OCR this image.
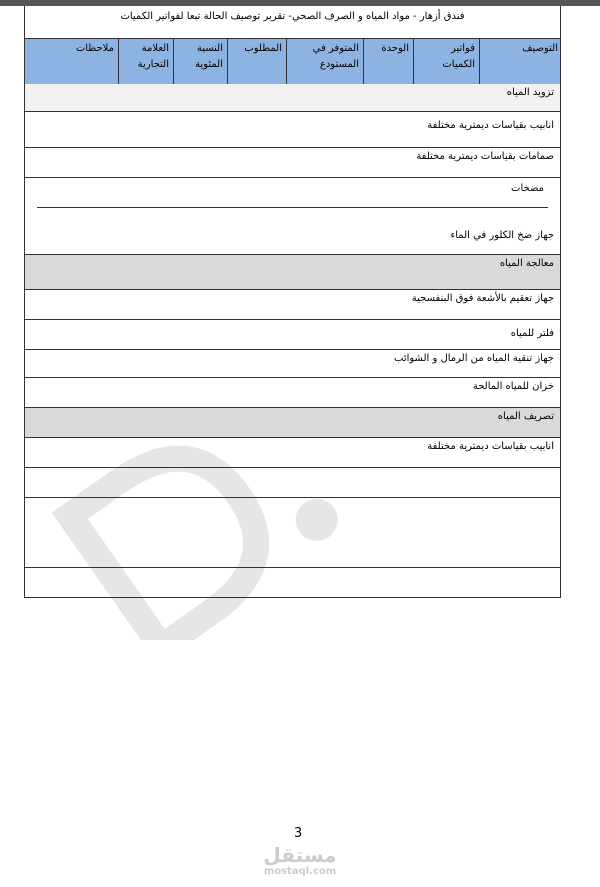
فندق أزهار - مواد المياه و الصرف الصحي- تقرير توصيف الحالة تبعا لفواتير الكميات
التوصيف
فواتير الكميات
الوحدة
المتوفر في المستودع
المطلوب
النسبة المئوية
العلامة التجارية
ملاحظات
تزويد المياه
انابيب بقياسات ديمترية مختلفة
صمامات بقياسات ديمترية مختلفة
مضخات
جهاز ضخ الكلور في الماء
معالجة المياه
جهاز تعقيم بالأشعة فوق البنفسجية
فلتر للمياه
جهاز تنقية المياه من الرمال و الشوائب
خزان للمياه المالحة
تصريف المياه
انابيب بقياسات ديمترية مختلفة
3
مستقل
mostaql.com
